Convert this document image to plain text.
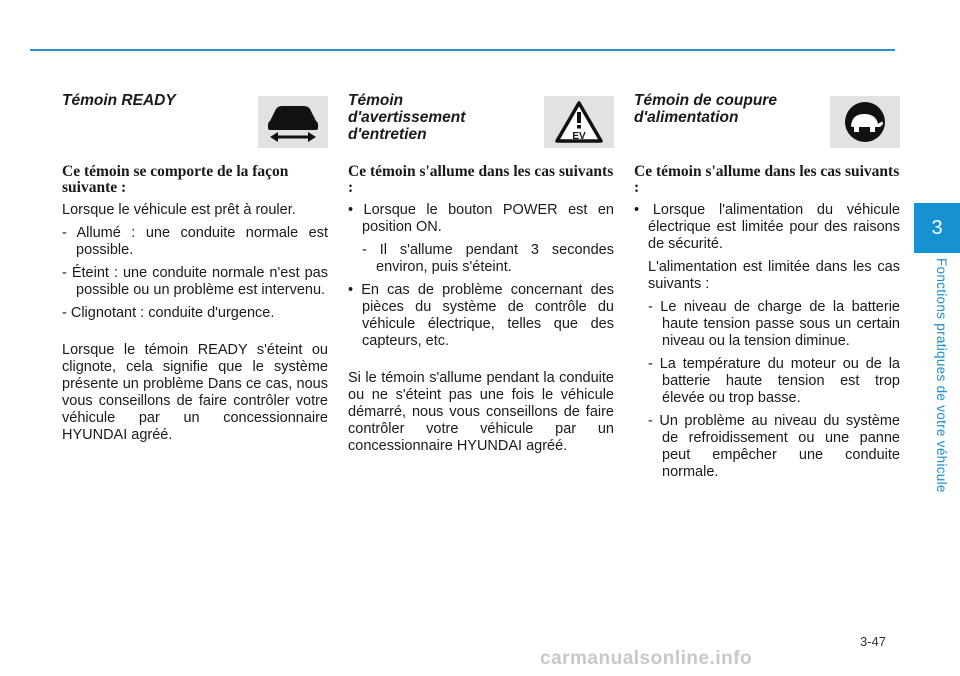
Témoin READY
Ce témoin se comporte de la façon suivante :
Lorsque le véhicule est prêt à rouler.
- Allumé : une conduite normale est possible.
- Éteint : une conduite normale n'est pas possible ou un problème est intervenu.
- Clignotant : conduite d'urgence.
Lorsque le témoin READY s'éteint ou clignote, cela signifie que le système présente un problème Dans ce cas, nous vous conseillons de faire contrôler votre véhicule par un concessionnaire HYUNDAI agréé.
Témoin d'avertissement d'entretien	EV
Ce témoin s'allume dans les cas suivants :
• Lorsque le bouton POWER est en position ON.
- Il s'allume pendant 3 secondes environ, puis s'éteint.
• En cas de problème concernant des pièces du système de contrôle du véhicule électrique, telles que des capteurs, etc.
Si le témoin s'allume pendant la conduite ou ne s'éteint pas une fois le véhicule démarré, nous vous conseillons de faire contrôler votre véhicule par un concessionnaire HYUNDAI agréé.
Témoin de coupure d'alimentation
Ce témoin s'allume dans les cas suivants :
• Lorsque l'alimentation du véhicule électrique est limitée pour des raisons de sécurité.
L'alimentation est limitée dans les cas suivants :
- Le niveau de charge de la batterie haute tension passe sous un certain niveau ou la tension diminue.
- La température du moteur ou de la batterie haute tension est trop élevée ou trop basse.
- Un problème au niveau du système de refroidissement ou une panne peut empêcher une conduite normale.
3
Fonctions pratiques de votre véhicule
3-47
carmanualsonline.info
